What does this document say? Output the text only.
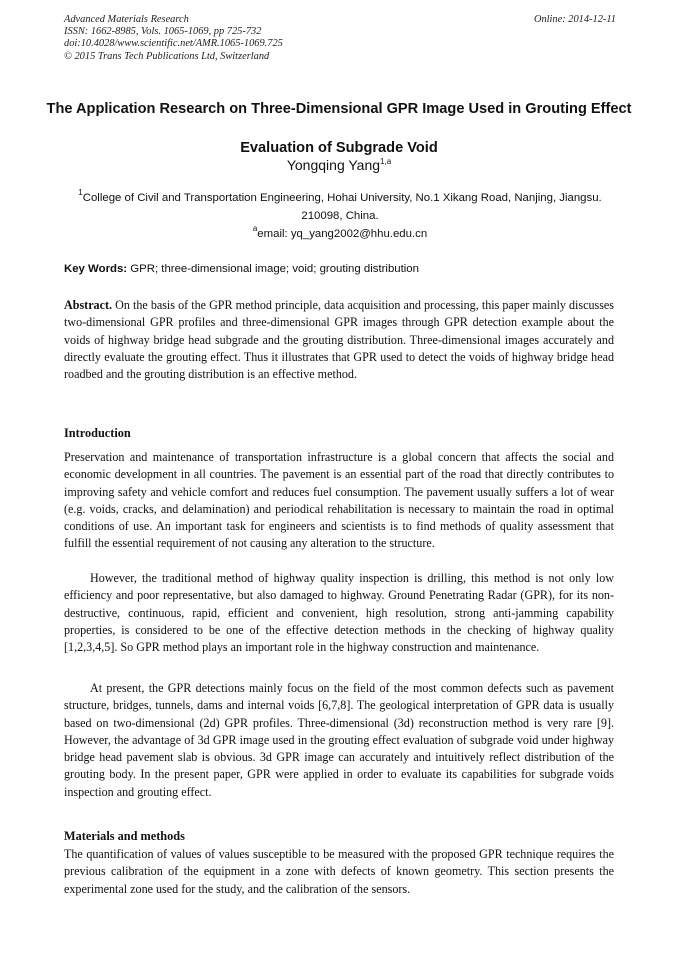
Advanced Materials Research
ISSN: 1662-8985, Vols. 1065-1069, pp 725-732
doi:10.4028/www.scientific.net/AMR.1065-1069.725
© 2015 Trans Tech Publications Ltd, Switzerland
Online: 2014-12-11
The Application Research on Three-Dimensional GPR Image Used in Grouting Effect Evaluation of Subgrade Void
Yongqing Yang$^{1,a}$
$^1$College of Civil and Transportation Engineering, Hohai University, No.1 Xikang Road, Nanjing, Jiangsu. 210098, China.
$^a$email: yq_yang2002@hhu.edu.cn
Key Words: GPR; three-dimensional image; void; grouting distribution

Abstract. On the basis of the GPR method principle, data acquisition and processing, this paper mainly discusses two-dimensional GPR profiles and three-dimensional GPR images through GPR detection example about the voids of highway bridge head subgrade and the grouting distribution. Three-dimensional images accurately and directly evaluate the grouting effect. Thus it illustrates that GPR used to detect the voids of highway bridge head roadbed and the grouting distribution is an effective method.

Introduction

Preservation and maintenance of transportation infrastructure is a global concern that affects the social and economic development in all countries. The pavement is an essential part of the road that directly contributes to improving safety and vehicle comfort and reduces fuel consumption. The pavement usually suffers a lot of wear (e.g. voids, cracks, and delamination) and periodical rehabilitation is necessary to maintain the road in optimal conditions of use. An important task for engineers and scientists is to find methods of quality assessment that fulfill the essential requirement of not causing any alteration to the structure.

However, the traditional method of highway quality inspection is drilling, this method is not only low efficiency and poor representative, but also damaged to highway. Ground Penetrating Radar (GPR), for its non-destructive, continuous, rapid, efficient and convenient, high resolution, strong anti-jamming capability properties, is considered to be one of the effective detection methods in the checking of highway quality [1,2,3,4,5]. So GPR method plays an important role in the highway construction and maintenance.

At present, the GPR detections mainly focus on the field of the most common defects such as pavement structure, bridges, tunnels, dams and internal voids [6,7,8]. The geological interpretation of GPR data is usually based on two-dimensional (2d) GPR profiles. Three-dimensional (3d) reconstruction method is very rare [9]. However, the advantage of 3d GPR image used in the grouting effect evaluation of subgrade void under highway bridge head pavement slab is obvious. 3d GPR image can accurately and intuitively reflect distribution of the grouting body. In the present paper, GPR were applied in order to evaluate its capabilities for subgrade voids inspection and grouting effect.

Materials and methods

The quantification of values of values susceptible to be measured with the proposed GPR technique requires the previous calibration of the equipment in a zone with defects of known geometry. This section presents the experimental zone used for the study, and the calibration of the sensors.
